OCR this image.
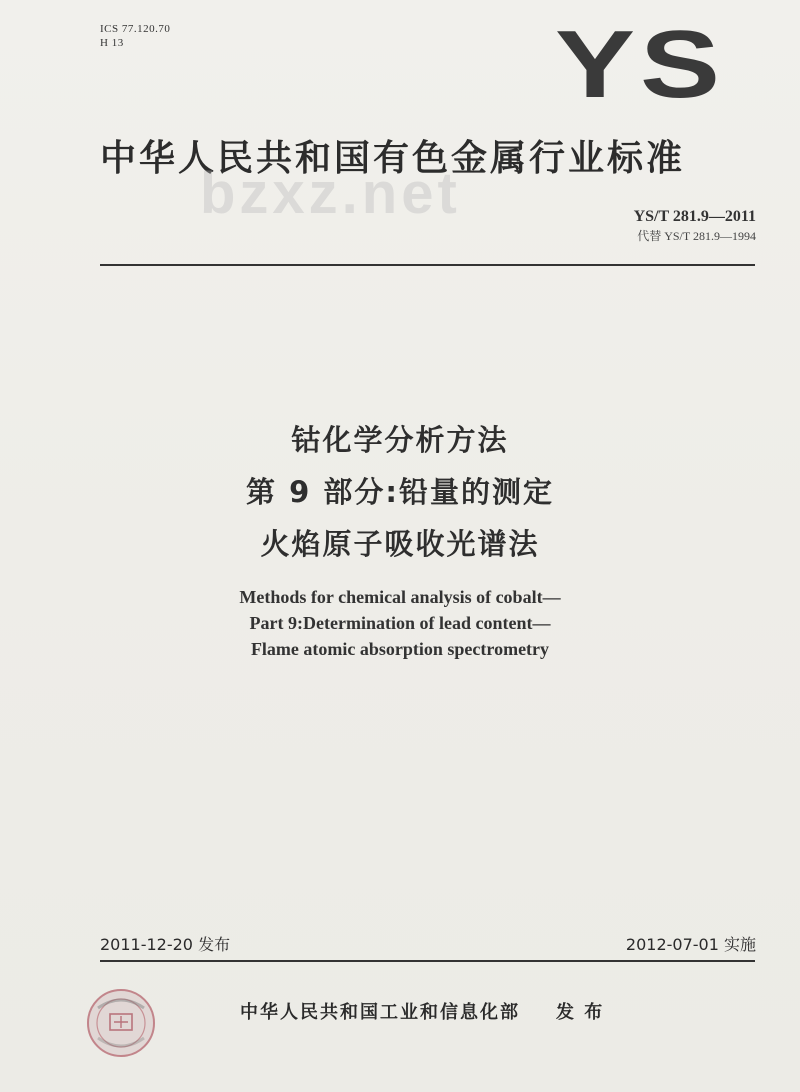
ICS 77.120.70
H 13	YS
中华人民共和国有色金属行业标准
bzxz.net	YS/T 281.9—2011
代替 YS/T 281.9—1994
钴化学分析方法
第 9 部分:铅量的测定
火焰原子吸收光谱法
Methods for chemical analysis of cobalt—
Part 9:Determination of lead content—
Flame atomic absorption spectrometry
2011-12-20 发布	2012-07-01 实施
中华人民共和国工业和信息化部 发 布
